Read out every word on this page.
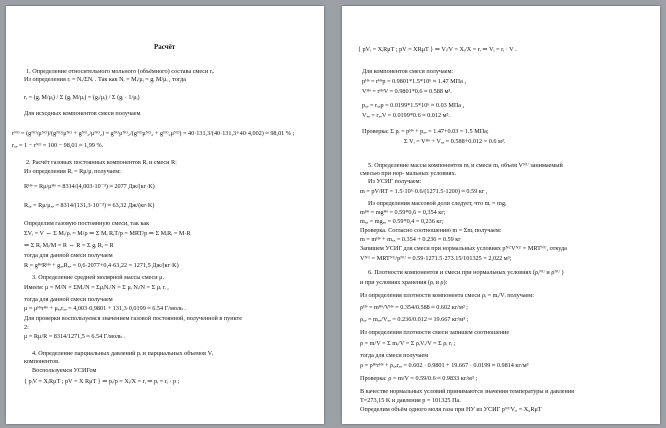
Расчёт
1. Определение относительного мольного (объёмного) состава смеси rᵢ.
Из определения rᵢ = Nᵢ/ΣNᵢ . Так как Nᵢ = Mᵢ/μᵢ = gᵢ M/μᵢ , тогда
rᵢ = (gᵢ M/μᵢ) / Σ (gᵢ M/μᵢ) = (gᵢ/μᵢ) / Σ (gᵢ · 1/μᵢ)
Для исходных компонентов смеси получаем
rᴺᴼ = (gᴺᴼ/μᴺᴼ)/(gᴺᴼ/μᴺᴼ + gᴺᴼ₂/μᴺᴼ₂) = gᴺᴼμᴺᴼ₂/(gᴺᴼμᴺᴼ₂ + gᴺᴼ₂μᴺᴼ) = 40·131,3/(40·131,3+40·4,002) ≈ 98,01 % ;
rₓₑ = 1 − rᴺᴼ = 100 − 98,01 ≈ 1,99 %.
2. Расчёт газовых постоянных компонентов Rᵢ и смеси R:
Из определения Rᵢ = Rμ/μᵢ получаем:
Rᴴᵉ = Rμ/μᴴᵉ = 8314/(4,003·10⁻³) ≈ 2077 Дж/(кг·K)
Rₓₑ = Rμ/μₓₑ = 8314/(131,3·10⁻³) ≈ 63,32 Дж/(кг·K)
Определим газовую постоянную смеси, так как
ΣVᵢ = V ⇔ Σ Mᵢ/ρᵢ = M/ρ ⇒ Σ Mᵢ RᵢT/p = MRT/p ⇒ Σ MᵢRᵢ = M·R
⇒ Σ Rᵢ Mᵢ/M = R ⇔ R = Σ gᵢ Rᵢ = R
тогда для данной смеси получаем
R = gᴴᵉRᴴᵉ + gₓₑRₓₑ = 0,6·2077+0,4·63,22 = 1271,5 Дж/(кг·K)
3. Определение средней молярной массы смеси μ.
Имеем: μ = M/N = ΣMᵢ/N = ΣμᵢNᵢ/N = Σ μᵢ Nᵢ/N = Σ μᵢ rᵢ ,
тогда для данной смеси получаем
μ = μᴴᵉrᴴᵉ + μₓₑrₓₑ = 4,003·0,9801 + 131,3·0,0199 ≈ 6.54 Г/моль .
Для проверки воспользуемся значением газовой постоянной, полученной в пункте
2:
μ = Rμ/R = 8314/1271,5 ≈ 6.54 Г/моль .
4. Определение парциальных давлений pᵢ и парциальных объемов Vᵢ
компонентов.
Воспользуемся УСИГом
{ pᵢV = XᵢRμT ; pV = X RμT } ⇒ pᵢ/p = Xᵢ/X = rᵢ ⇒ pᵢ = rᵢ · p ;
{ pVᵢ = XᵢRμT ; pV = XRμT } ⇒ Vᵢ/V = Xᵢ/X = rᵢ ⇒ Vᵢ = rᵢ · V .
Для компонентов смеси получаем:
pᴴᵉ = rᴴᵉp = 0.9801*1.5*10⁶ ≈ 1.47 МПа ,
Vᴴᵉ = rᴴᵉV = 0.9801*0.6 ≈ 0.588 м³.
pₓₑ = rₓₑp = 0.0199*1.5*10⁶ ≈ 0.03 МПа ,
Vₓₑ = rₓₑV = 0.0199*0.6 ≈ 0.012 м³.
Проверка: Σ pᵢ = pᴴᵉ + pₓₑ = 1.47+0.03 = 1.5 МПа;
Σ Vᵢ = Vᴴᵉ + Vₓₑ = 0.588+0.012 = 0.6 м³.
5. Определение массы компонентов mᵢ и смеси m, объем Vᴺᵁ занимаемый
смесью при нор- мальных условиях.
Из УСИГ получаем:
m = pV/RT = 1.5·10⁶·0.6/(1271.5·1200) ≈ 0.59 кг ,
Из определения массовой доли следует, что mᵢ = mgᵢ
mᴴᵉ = mgᴴᵉ = 0.59*0,6 = 0,354 кг;
mₓₑ = mgₓₑ = 0.59*0,4 = 0,236 кг;
Проверка. Согласно соотношению m = Σmᵢ получаем:
m = mᴴᵉ + mₓₑ = 0.354 + 0.236 = 0.59 кг
Запишем УСИГ для смеси при нормальных условиях pᴺᵁVᴺᵁ = MRTᴺᵁ, откуда
Vᴺᵁ = MRTᴺᵁ/pᴺᵁ = 0.59·1271.5·273.15/101325 = 2,022 м³;
6. Плотности компонентов и смеси при нормальных условиях (ρᵢᴺᵁ и ρᴺᵁ )
и при условиях хранения (ρᵢ и ρ):
Из определения плотности компонента смеси ρᵢ = mᵢ/Vᵢ получаем:
ρᴴᵉ = mᴴᵉ/Vᴴᵉ = 0.354/0.588 ≈ 0.602 кг/м³ ;
ρₓₑ = mₓₑ/Vₓₑ = 0.236/0.012 ≈ 19.667 кг/м³ ;
Из определения плотности смеси запишем соотношение
ρ = m/V = Σ mᵢ/V = Σ ρᵢVᵢ/V = Σ ρᵢ rᵢ ;
тогда для смеси получаем
ρ = ρᴴᵉrᴴᵉ + ρₓₑrₓₑ = 0.602 · 0.9801 + 19.667 · 0.0199 ≈ 0.9814 кг/м³
Проверка: ρ = m/V = 0.59/0.6 ≈ 0.9833 кг/м³ ;
В качестве нормальных условий принимаются значения температуры и давления
T=273,15 K и давления p = 101325 Па.
Определим объём одного моля газа при НУ из УСИГ pᴺᵁV₀ = X₀RμT
